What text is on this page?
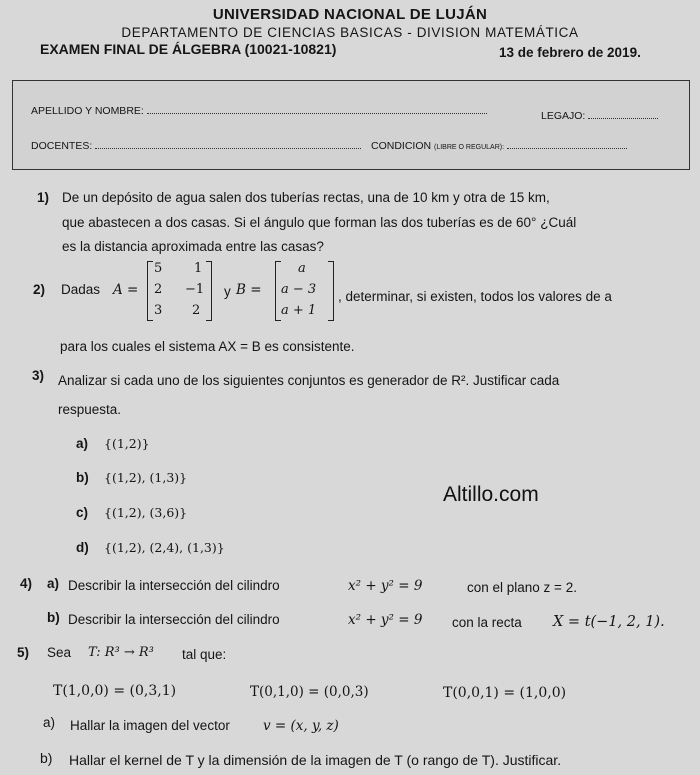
UNIVERSIDAD NACIONAL DE LUJÁN
DEPARTAMENTO DE CIENCIAS BASICAS - DIVISION MATEMÁTICA
EXAMEN FINAL DE ÁLGEBRA (10021-10821)	13 de febrero de 2019.
APELLIDO Y NOMBRE:	LEGAJO:
DOCENTES:	CONDICION (LIBRE O REGULAR):
1) De un depósito de agua salen dos tuberías rectas, una de 10 km y otra de 15 km,
que abastecen a dos casas. Si el ángulo que forman las dos tuberías es de 60° ¿Cuál
es la distancia aproximada entre las casas?
2) Dadas A =
5 1
2 −1
3 2
y B =
a
a − 3
a + 1
, determinar, si existen, todos los valores de a
para los cuales el sistema AX = B es consistente.
3) Analizar si cada uno de los siguientes conjuntos es generador de R². Justificar cada
respuesta.
a) {(1,2)}
b) {(1,2), (1,3)}
c) {(1,2), (3,6)}
d) {(1,2), (2,4), (1,3)}
Altillo.com
4) a) Describir la intersección del cilindro	x² + y² = 9	con el plano z = 2.
b) Describir la intersección del cilindro	x² + y² = 9 con la recta X = t(−1, 2, 1).
5) Sea T: R³ → R³ tal que:
T(1,0,0) = (0,3,1)	T(0,1,0) = (0,0,3)	T(0,0,1) = (1,0,0)
a) Hallar la imagen del vector v = (x, y, z)
b) Hallar el kernel de T y la dimensión de la imagen de T (o rango de T). Justificar.
